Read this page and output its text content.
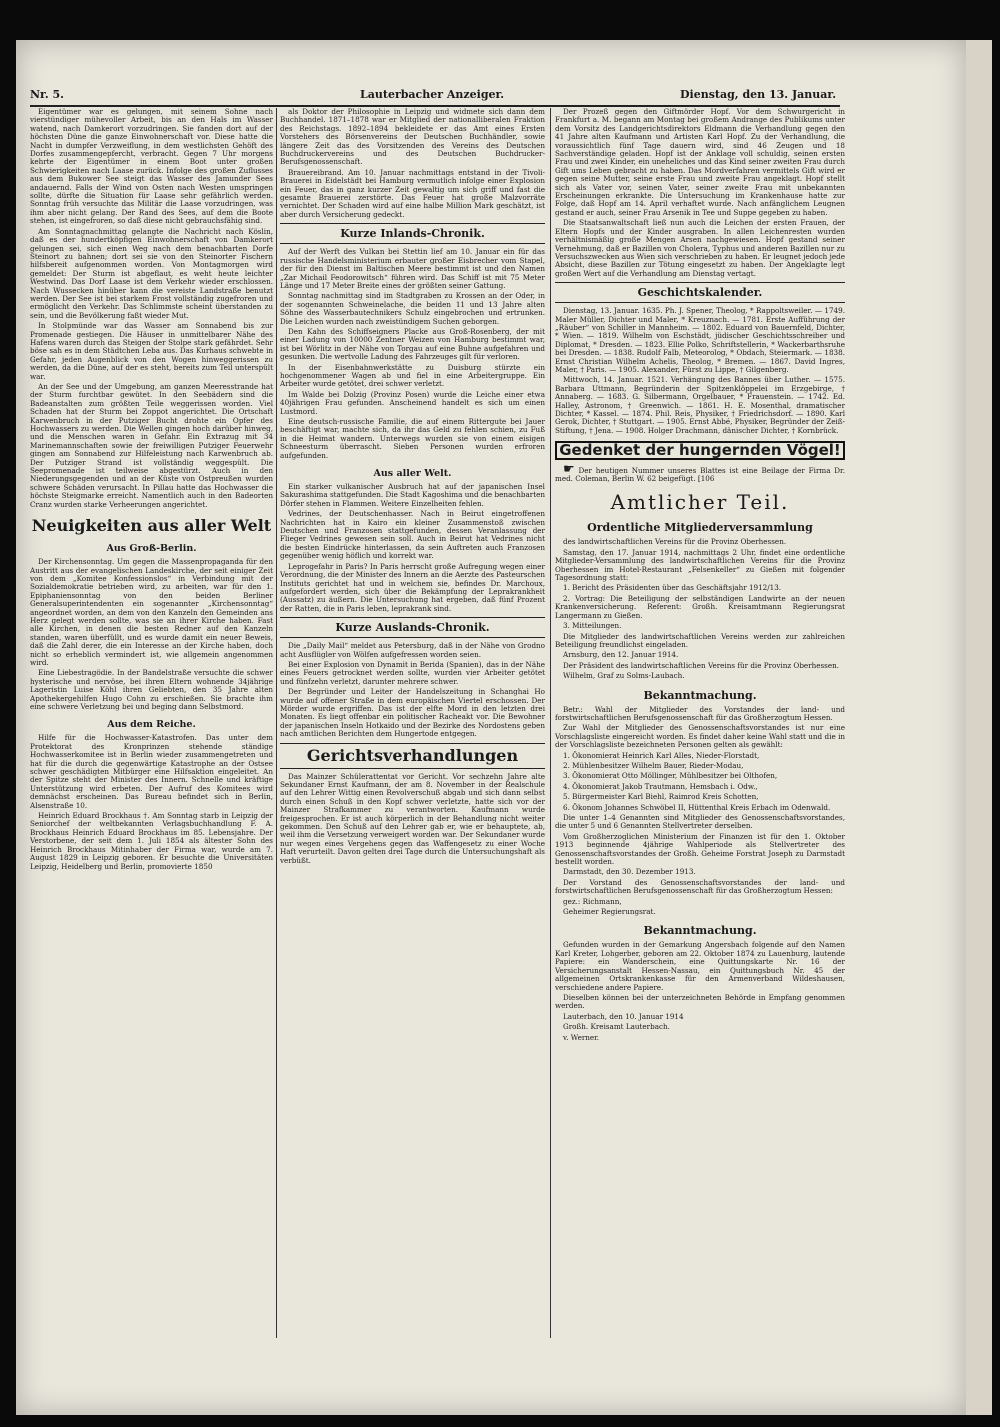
Nr. 5.	Lauterbacher Anzeiger.	Dienstag, den 13. Januar.

Eigentümer war es gelungen, mit seinem Sohne nach vierstündiger mühevoller Arbeit, bis an den Hals im Wasser watend, nach Damkerort vorzudringen. Sie fanden dort auf der höchsten Düne die ganze Einwohnerschaft vor. Diese hatte die Nacht in dumpfer Verzweiflung, in dem westlichsten Gehöft des Dorfes zusammengepfercht, verbracht. Gegen 7 Uhr morgens kehrte der Eigentümer in einem Boot unter großen Schwierigkeiten nach Laase zurück. Infolge des großen Zuflusses aus dem Bukower See steigt das Wasser des Jamunder Sees andauernd. Falls der Wind von Osten nach Westen umspringen sollte, dürfte die Situation für Laase sehr gefährlich werden. Sonntag früh versuchte das Militär die Laase vorzudringen, was ihm aber nicht gelang. Der Rand des Sees, auf dem die Boote stehen, ist eingefroren, so daß diese nicht gebrauchsfähig sind.

Am Sonntagnachmittag gelangte die Nachricht nach Köslin, daß es der hundertköpfigen Einwohnerschaft von Damkerort gelungen sei, sich einen Weg nach dem benachbarten Dorfe Steinort zu bahnen; dort sei sie von den Steinorter Fischern hilfsbereit aufgenommen worden. Von Montagmorgen wird gemeldet: Der Sturm ist abgeflaut, es weht heute leichter Westwind. Das Dorf Laase ist dem Verkehr wieder erschlossen. Nach Wussecken hinüber kann die vereiste Landstraße benutzt werden. Der See ist bei starkem Frost vollständig zugefroren und ermöglicht den Verkehr. Das Schlimmste scheint überstanden zu sein, und die Bevölkerung faßt wieder Mut.

In Stolpmünde war das Wasser am Sonnabend bis zur Promenade gestiegen. Die Häuser in unmittelbarer Nähe des Hafens waren durch das Steigen der Stolpe stark gefährdet. Sehr böse sah es in dem Städtchen Leba aus. Das Kurhaus schwebte in Gefahr, jeden Augenblick von den Wogen hinweggerissen zu werden, da die Düne, auf der es steht, bereits zum Teil unterspült war.

An der See und der Umgebung, am ganzen Meeresstrande hat der Sturm furchtbar gewütet. In den Seebädern sind die Badeanstalten zum größten Teile weggerissen worden. Viel Schaden hat der Sturm bei Zoppot angerichtet. Die Ortschaft Karwenbruch in der Putziger Bucht drohte ein Opfer des Hochwassers zu werden. Die Wellen gingen hoch darüber hinweg, und die Menschen waren in Gefahr. Ein Extrazug mit 34 Marinemannschaften sowie der freiwilligen Putziger Feuerwehr gingen am Sonnabend zur Hilfeleistung nach Karwenbruch ab. Der Putziger Strand ist vollständig weggespült. Die Seepromenade ist teilweise abgestürzt. Auch in den Niederungsgegenden und an der Küste von Ostpreußen wurden schwere Schäden verursacht. In Pillau hatte das Hochwasser die höchste Steigmarke erreicht. Namentlich auch in den Badeorten Cranz wurden starke Verheerungen angerichtet.

Neuigkeiten aus aller Welt
Aus Groß-Berlin.

Der Kirchensonntag. Um gegen die Massenpropaganda für den Austritt aus der evangelischen Landeskirche, der seit einiger Zeit von dem „Komitee Konfessionslos“ in Verbindung mit der Sozialdemokratie betrieben wird, zu arbeiten, war für den 1. Epiphaniensonntag von den beiden Berliner Generalsuperintendenten ein sogenannter „Kirchensonntag“ angeordnet worden, an dem von den Kanzeln den Gemeinden ans Herz gelegt werden sollte, was sie an ihrer Kirche haben. Fast alle Kirchen, in denen die besten Redner auf den Kanzeln standen, waren überfüllt, und es wurde damit ein neuer Beweis, daß die Zahl derer, die ein Interesse an der Kirche haben, doch nicht so erheblich vermindert ist, wie allgemein angenommen wird.

Eine Liebestragödie. In der Bandelstraße versuchte die schwer hysterische und nervöse, bei ihren Eltern wohnende 34jährige Lageristin Luise Köhl ihren Geliebten, den 35 Jahre alten Apothekergehilfen Hugo Cohn zu erschießen. Sie brachte ihm eine schwere Verletzung bei und beging dann Selbstmord.

Aus dem Reiche.

Hilfe für die Hochwasser-Katastrofen. Das unter dem Protektorat des Kronprinzen stehende ständige Hochwasserkomitee ist in Berlin wieder zusammengetreten und hat für die durch die gegenwärtige Katastrophe an der Ostsee schwer geschädigten Mitbürger eine Hilfsaktion eingeleitet. An der Spitze steht der Minister des Innern. Schnelle und kräftige Unterstützung wird erbeten. Der Aufruf des Komitees wird demnächst erscheinen. Das Bureau befindet sich in Berlin, Alsenstraße 10.

Heinrich Eduard Brockhaus †. Am Sonntag starb in Leipzig der Seniorchef der weltbekannten Verlagsbuchhandlung F. A. Brockhaus Heinrich Eduard Brockhaus im 85. Lebensjahre. Der Verstorbene, der seit dem 1. Juli 1854 als ältester Sohn des Heinrich Brockhaus Mitinhaber der Firma war, wurde am 7. August 1829 in Leipzig geboren. Er besuchte die Universitäten Leipzig, Heidelberg und Berlin, promovierte 1850

als Doktor der Philosophie in Leipzig und widmete sich dann dem Buchhandel. 1871–1878 war er Mitglied der nationalliberalen Fraktion des Reichstags. 1892–1894 bekleidete er das Amt eines Ersten Vorstehers des Börsenvereins der Deutschen Buchhändler, sowie längere Zeit das des Vorsitzenden des Vereins des Deutschen Buchdruckervereins und des Deutschen Buchdrucker-Berufsgenossenschaft.

Brauereibrand. Am 10. Januar nachmittags entstand in der Tivoli-Brauerei in Eidelstädt bei Hamburg vermutlich infolge einer Explosion ein Feuer, das in ganz kurzer Zeit gewaltig um sich griff und fast die gesamte Brauerei zerstörte. Das Feuer hat große Malzvorräte vernichtet. Der Schaden wird auf eine halbe Million Mark geschätzt, ist aber durch Versicherung gedeckt.

Kurze Inlands-Chronik.

Auf der Werft des Vulkan bei Stettin lief am 10. Januar ein für das russische Handelsministerium erbauter großer Eisbrecher vom Stapel, der für den Dienst im Baltischen Meere bestimmt ist und den Namen „Zar Michail Feodorowitsch“ führen wird. Das Schiff ist mit 75 Meter Länge und 17 Meter Breite eines der größten seiner Gattung.

Sonntag nachmittag sind im Stadtgraben zu Krossen an der Oder, in der sogenannten Schweinelache, die beiden 11 und 13 Jahre alten Söhne des Wasserbautechnikers Schulz eingebrochen und ertrunken. Die Leichen wurden nach zweistündigem Suchen geborgen.

Den Kahn des Schiffseigners Placke aus Groß-Rosenberg, der mit einer Ladung von 10000 Zentner Weizen von Hamburg bestimmt war, ist bei Wörlitz in der Nähe von Torgau auf eine Buhne aufgefahren und gesunken. Die wertvolle Ladung des Fahrzeuges gilt für verloren.

In der Eisenbahnwerkstätte zu Duisburg stürzte ein hochgenommener Wagen ab und fiel in eine Arbeitergruppe. Ein Arbeiter wurde getötet, drei schwer verletzt.

Im Walde bei Dolzig (Provinz Posen) wurde die Leiche einer etwa 40jährigen Frau gefunden. Anscheinend handelt es sich um einen Lustmord.

Eine deutsch-russische Familie, die auf einem Rittergute bei Jauer beschäftigt war, machte sich, da ihr das Geld zu fehlen schien, zu Fuß in die Heimat wandern. Unterwegs wurden sie von einem eisigen Schneesturm überrascht. Sieben Personen wurden erfroren aufgefunden.

Aus aller Welt.

Ein starker vulkanischer Ausbruch hat auf der japanischen Insel Sakurashima stattgefunden. Die Stadt Kagoshima und die benachbarten Dörfer stehen in Flammen. Weitere Einzelheiten fehlen.

Vedrines, der Deutschenhasser. Nach in Beirut eingetroffenen Nachrichten hat in Kairo ein kleiner Zusammenstoß zwischen Deutschen und Franzosen stattgefunden, dessen Veranlassung der Flieger Vedrines gewesen sein soll. Auch in Beirut hat Vedrines nicht die besten Eindrücke hinterlassen, da sein Auftreten auch Franzosen gegenüber wenig höflich und korrekt war.

Leprogefahr in Paris? In Paris herrscht große Aufregung wegen einer Verordnung, die der Minister des Innern an die Aerzte des Pasteurschen Instituts gerichtet hat und in welchem sie, befindes Dr. Marchoux, aufgefordert werden, sich über die Bekämpfung der Leprakrankheit (Aussatz) zu äußern. Die Untersuchung hat ergeben, daß fünf Prozent der Ratten, die in Paris leben, leprakrank sind.

Kurze Auslands-Chronik.

Die „Daily Mail“ meldet aus Petersburg, daß in der Nähe von Grodno acht Ausflügler von Wölfen aufgefressen worden seien.

Bei einer Explosion von Dynamit in Berida (Spanien), das in der Nähe eines Feuers getrocknet werden sollte, wurden vier Arbeiter getötet und fünfzehn verletzt, darunter mehrere schwer.

Der Begründer und Leiter der Handelszeitung in Schanghai Ho wurde auf offener Straße in dem europäischen Viertel erschossen. Der Mörder wurde ergriffen. Das ist der elfte Mord in den letzten drei Monaten. Es liegt offenbar ein politischer Racheakt vor. Die Bewohner der japanischen Inseln Hotkaido und der Bezirke des Nordostens geben nach amtlichen Berichten dem Hungertode entgegen.

Gerichtsverhandlungen

Das Mainzer Schülerattentat vor Gericht. Vor sechzehn Jahre alte Sekundaner Ernst Kaufmann, der am 8. November in der Realschule auf den Lehrer Wittig einen Revolverschuß abgab und sich dann selbst durch einen Schuß in den Kopf schwer verletzte, hatte sich vor der Mainzer Strafkammer zu verantworten. Kaufmann wurde freigesprochen. Er ist auch körperlich in der Behandlung nicht weiter gekommen. Den Schuß auf den Lehrer gab er, wie er behauptete, ab, weil ihm die Versetzung verweigert worden war. Der Sekundaner wurde nur wegen eines Vergehens gegen das Waffengesetz zu einer Woche Haft verurteilt. Davon gelten drei Tage durch die Untersuchungshaft als verbüßt.

Der Prozeß gegen den Giftmörder Hopf. Vor dem Schwurgericht in Frankfurt a. M. begann am Montag bei großem Andrange des Publikums unter dem Vorsitz des Landgerichtsdirektors Eldmann die Verhandlung gegen den 41 Jahre alten Kaufmann und Artisten Karl Hopf. Zu der Verhandlung, die voraussichtlich fünf Tage dauern wird, sind 46 Zeugen und 18 Sachverständige geladen. Hopf ist der Anklage voll schuldig, seinen ersten Frau und zwei Kinder, ein uneheliches und das Kind seiner zweiten Frau durch Gift ums Leben gebracht zu haben. Das Mordverfahren vermittels Gift wird er gegen seine Mutter, seine erste Frau und zweite Frau angeklagt. Hopf stellt sich als Vater vor, seinen Vater, seiner zweite Frau mit unbekannten Erscheinungen erkrankte. Die Untersuchung im Krankenhause hatte zur Folge, daß Hopf am 14. April verhaftet wurde. Nach anfänglichem Leugnen gestand er auch, seiner Frau Arsenik in Tee und Suppe gegeben zu haben.

Die Staatsanwaltschaft ließ nun auch die Leichen der ersten Frauen, der Eltern Hopfs und der Kinder ausgraben. In allen Leichenresten wurden verhältnismäßig große Mengen Arsen nachgewiesen. Hopf gestand seiner Vernehmung, daß er Bazillen von Cholera, Typhus und anderen Bazillen nur zu Versuchszwecken aus Wien sich verschrieben zu haben. Er leugnet jedoch jede Absicht, diese Bazillen zur Tötung eingesetzt zu haben. Der Angeklagte legt großen Wert auf die Verhandlung am Dienstag vertagt.

Geschichtskalender.

Dienstag, 13. Januar. 1635. Ph. J. Spener, Theolog, * Rappoltsweiler. — 1749. Maler Müller, Dichter und Maler, * Kreuznach. — 1781. Erste Aufführung der „Räuber“ von Schiller in Mannheim. — 1802. Eduard von Bauernfeld, Dichter, * Wien. — 1819. Wilhelm von Eschstädt, jüdischer Geschichtsschreiber und Diplomat, * Dresden. — 1823. Ellie Polko, Schriftstellerin, * Wackerbarthsruhe bei Dresden. — 1838. Rudolf Falb, Meteorolog, * Obdach, Steiermark. — 1838. Ernst Christian Wilhelm Achelis, Theolog, * Bremen. — 1867. David Ingres, Maler, † Paris. — 1905. Alexander, Fürst zu Lippe, † Gilgenberg.

Mittwoch, 14. Januar. 1521. Verhängung des Bannes über Luther. — 1575. Barbara Uttmann, Begründerin der Spitzenklöppelei im Erzgebirge, † Annaberg. — 1683. G. Silbermann, Orgelbauer, * Frauenstein. — 1742. Ed. Halley, Astronom, † Greenwich. — 1861. H. E. Mosenthal, dramatischer Dichter, * Kassel. — 1874. Phil. Reis, Physiker, † Friedrichsdorf. — 1890. Karl Gerok, Dichter, † Stuttgart. — 1905. Ernst Abbé, Physiker, Begründer der Zeiß-Stiftung, † Jena. — 1908. Holger Drachmann, dänischer Dichter, † Kornbrück.

Gedenket der hungernden Vögel!

☛ Der heutigen Nummer unseres Blattes ist eine Beilage der Firma Dr. med. Coleman, Berlin W. 62 beigefügt. [106

Amtlicher Teil.
Ordentliche Mitgliederversammlung

des landwirtschaftlichen Vereins für die Provinz Oberhessen.

Samstag, den 17. Januar 1914, nachmittags 2 Uhr, findet eine ordentliche Mitglieder-Versammlung des landwirtschaftlichen Vereins für die Provinz Oberhessen im Hotel-Restaurant „Felsenkeller“ zu Gießen mit folgender Tagesordnung statt:

1. Bericht des Präsidenten über das Geschäftsjahr 1912/13.

2. Vortrag: Die Beteiligung der selbständigen Landwirte an der neuen Krankenversicherung. Referent: Großh. Kreisamtmann Regierungsrat Langermann zu Gießen.

3. Mitteilungen.

Die Mitglieder des landwirtschaftlichen Vereins werden zur zahlreichen Beteiligung freundlichst eingeladen.

Arnsburg, den 12. Januar 1914.

Der Präsident des landwirtschaftlichen Vereins für die Provinz Oberhessen.

Wilhelm, Graf zu Solms-Laubach.

Bekanntmachung.

Betr.: Wahl der Mitglieder des Vorstandes der land- und forstwirtschaftlichen Berufsgenossenschaft für das Großherzogtum Hessen.

Zur Wahl der Mitglieder des Genossenschaftsvorstandes ist nur eine Vorschlagsliste eingereicht worden. Es findet daher keine Wahl statt und die in der Vorschlagsliste bezeichneten Personen gelten als gewählt:

1. Ökonomierat Heinrich Karl Alles, Nieder-Florstadt,

2. Mühlenbesitzer Wilhelm Bauer, Rieder-Modau,

3. Ökonomierat Otto Möllinger, Mühlbesitzer bei Olthofen,

4. Ökonomierat Jakob Trautmann, Hemsbach i. Odw.,

5. Bürgermeister Karl Biehl, Raimrod Kreis Schotten,

6. Ökonom Johannes Schwöbel II, Hüttenthal Kreis Erbach im Odenwald.

Die unter 1–4 Genannten sind Mitglieder des Genossenschaftsvorstandes, die unter 5 und 6 Genannten Stellvertreter derselben.

Vom Großherzoglichen Ministerium der Finanzen ist für den 1. Oktober 1913 beginnende 4jährige Wahlperiode als Stellvertreter des Genossenschaftsvorstandes der Großh. Geheime Forstrat Joseph zu Darmstadt bestellt worden.

Darmstadt, den 30. Dezember 1913.

Der Vorstand des Genossenschaftsvorstandes der land- und forstwirtschaftlichen Berufsgenossenschaft für das Großherzogtum Hessen:

gez.: Richmann,

Geheimer Regierungsrat.

Bekanntmachung.

Gefunden wurden in der Gemarkung Angersbach folgende auf den Namen Karl Kreter, Lohgerber, geboren am 22. Oktober 1874 zu Lauenburg, lautende Papiere: ein Wanderschein, eine Quittungskarte Nr. 16 der Versicherungsanstalt Hessen-Nassau, ein Quittungsbuch Nr. 45 der allgemeinen Ortskrankenkasse für den Armenverband Wildeshausen, verschiedene andere Papiere.

Dieselben können bei der unterzeichneten Behörde in Empfang genommen werden.

Lauterbach, den 10. Januar 1914

Großh. Kreisamt Lauterbach.

v. Werner.
